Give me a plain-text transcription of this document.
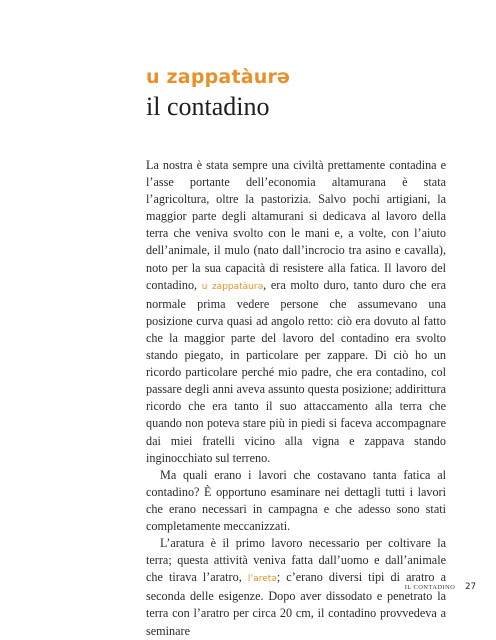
u zappatàurə
il contadino

La nostra è stata sempre una civiltà prettamente contadina e l’asse portante dell’economia altamurana è stata l’agricoltura, oltre la pastorizia. Salvo pochi artigiani, la maggior parte degli altamurani si dedicava al lavoro della terra che veniva svolto con le mani e, a volte, con l’aiuto dell’animale, il mulo (nato dall’incrocio tra asino e cavalla), noto per la sua capacità di resistere alla fatica. Il lavoro del contadino, u zappatàurə, era molto duro, tanto duro che era normale prima vedere persone che assumevano una posizione curva quasi ad angolo retto: ciò era dovuto al fatto che la maggior parte del lavoro del contadino era svolto stando piegato, in particolare per zappare. Di ciò ho un ricordo particolare perché mio padre, che era contadino, col passare degli anni aveva assunto questa posizione; addirittura ricordo che era tanto il suo attaccamento alla terra che quando non poteva stare più in piedi si faceva accompagnare dai miei fratelli vicino alla vigna e zappava stando inginocchiato sul terreno.

Ma quali erano i lavori che costavano tanta fatica al contadino? È opportuno esaminare nei dettagli tutti i lavori che erano necessari in campagna e che adesso sono stati completamente meccanizzati.

L’aratura è il primo lavoro necessario per coltivare la terra; questa attività veniva fatta dall’uomo e dall’animale che tirava l’aratro, l’aretə; c’erano diversi tipi di aratro a seconda delle esigenze. Dopo aver dissodato e penetrato la terra con l’aratro per circa 20 cm, il contadino provvedeva a seminare

IL CONTADINO 27
